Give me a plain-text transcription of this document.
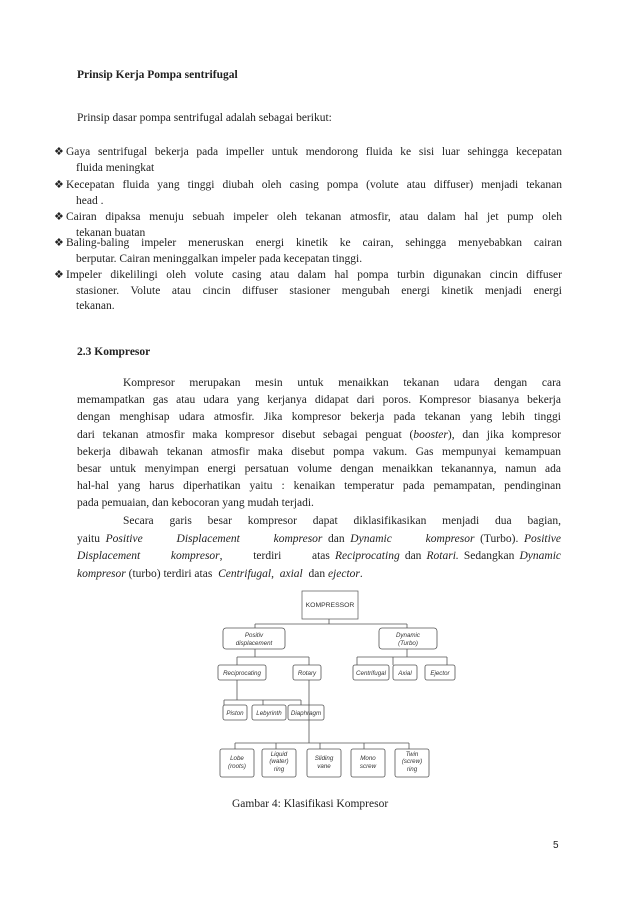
Prinsip Kerja Pompa sentrifugal
Prinsip dasar pompa sentrifugal adalah sebagai berikut:
❖ Gaya sentrifugal bekerja pada impeller untuk mendorong fluida ke sisi luar sehingga kecepatan
fluida meningkat
❖ Kecepatan fluida yang tinggi diubah oleh casing pompa (volute atau diffuser) menjadi tekanan
head .
❖ Cairan dipaksa menuju sebuah impeler oleh tekanan atmosfir, atau dalam hal jet pump oleh
tekanan buatan
❖ Baling-baling impeler meneruskan energi kinetik ke cairan, sehingga menyebabkan cairan
berputar. Cairan meninggalkan impeler pada kecepatan tinggi.
❖ Impeler dikelilingi oleh volute casing atau dalam hal pompa turbin digunakan cincin diffuser
stasioner. Volute atau cincin diffuser stasioner mengubah energi kinetik menjadi energi
tekanan.
2.3 Kompresor
Kompresor merupakan mesin untuk menaikkan tekanan udara dengan cara
memampatkan gas atau udara yang kerjanya didapat dari poros. Kompresor biasanya bekerja
dengan menghisap udara atmosfir. Jika kompresor bekerja pada tekanan yang lebih tinggi
dari tekanan atmosfir maka kompresor disebut sebagai penguat (booster), dan jika kompresor
bekerja dibawah tekanan atmosfir maka disebut pompa vakum. Gas mempunyai kemampuan
besar untuk menyimpan energi persatuan volume dengan menaikkan tekanannya, namun ada
hal-hal yang harus diperhatikan yaitu : kenaikan temperatur pada pemampatan, pendinginan
pada pemuaian, dan kebocoran yang mudah terjadi.
Secara garis besar kompresor dapat diklasifikasikan menjadi dua bagian,
yaitu Positive      Displacement      kompresor dan Dynamic      kompresor (Turbo). Positive
Displacement      kompresor,      terdiri      atas Reciprocating dan Rotari. Sedangkan Dynamic
kompresor (turbo) terdiri atas  Centrifugal,  axial  dan ejector.
KOMPRESSOR
Positiv
displacement
Dynamic
(Turbo)
Reciprocating	Rotary	Centrifugal Axial	Ejector
Piston Lebyrinth Diaphragm
Lobe
(roots)
Liquid
(water)
ring
Sliding
vane
Mono
screw
Twin
(screw)
ring
Gambar 4: Klasifikasi Kompresor
5
